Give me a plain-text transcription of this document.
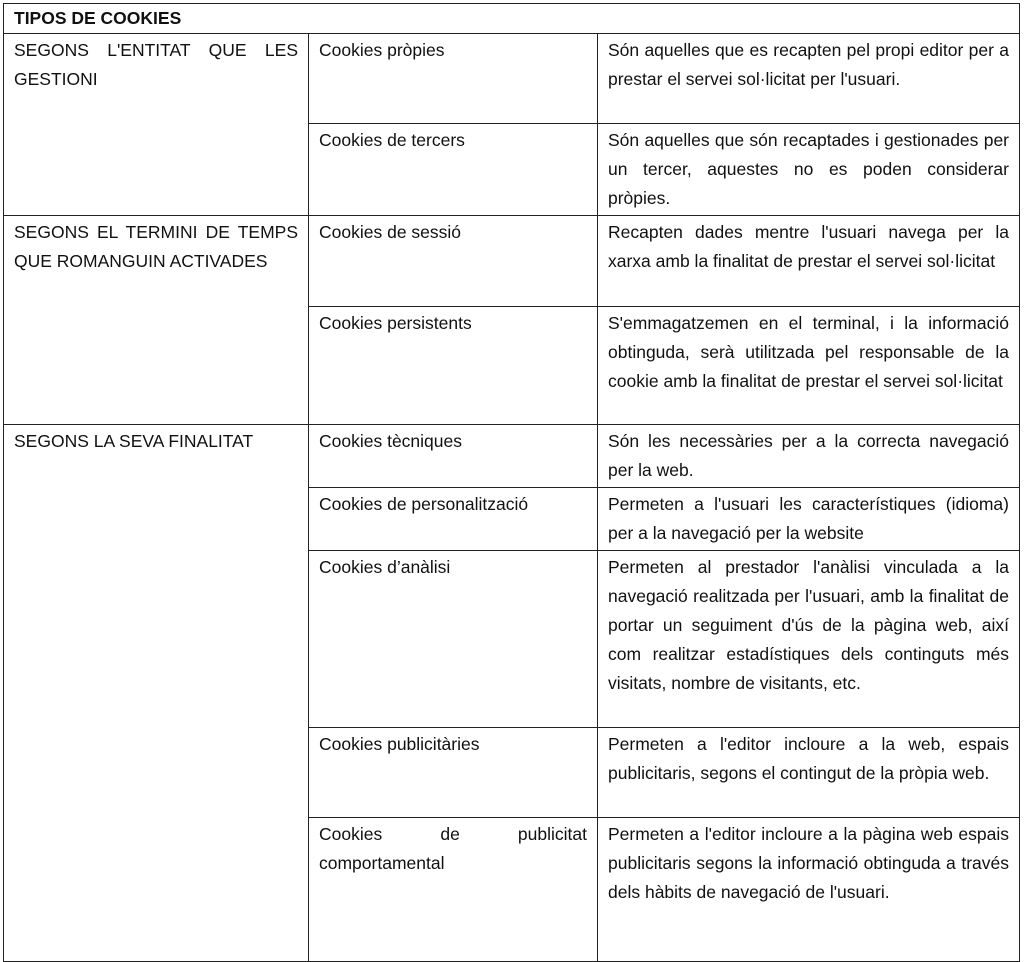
TIPOS DE COOKIES		
SEGONS L'ENTITAT QUE LES GESTIONI	Cookies pròpies	Són aquelles que es recapten pel propi editor per a prestar el servei sol·licitat per l'usuari.
	Cookies de tercers	Són aquelles que són recaptades i gestionades per un tercer, aquestes no es poden considerar pròpies.
SEGONS EL TERMINI DE TEMPS QUE ROMANGUIN ACTIVADES	Cookies de sessió	Recapten dades mentre l'usuari navega per la xarxa amb la finalitat de prestar el servei sol·licitat
	Cookies persistents	S'emmagatzemen en el terminal, i la informació obtinguda, serà utilitzada pel responsable de la cookie amb la finalitat de prestar el servei sol·licitat
SEGONS LA SEVA FINALITAT	Cookies tècniques	Són les necessàries per a la correcta navegació per la web.
	Cookies de personalització	Permeten a l'usuari les característiques (idioma) per a la navegació per la website
	Cookies d’anàlisi	Permeten al prestador l'anàlisi vinculada a la navegació realitzada per l'usuari, amb la finalitat de portar un seguiment d'ús de la pàgina web, així com realitzar estadístiques dels continguts més visitats, nombre de visitants, etc.
	Cookies publicitàries	Permeten a l'editor incloure a la web, espais publicitaris, segons el contingut de la pròpia web.
	Cookies de publicitat comportamental	Permeten a l'editor incloure a la pàgina web espais publicitaris segons la informació obtinguda a través dels hàbits de navegació de l'usuari.
